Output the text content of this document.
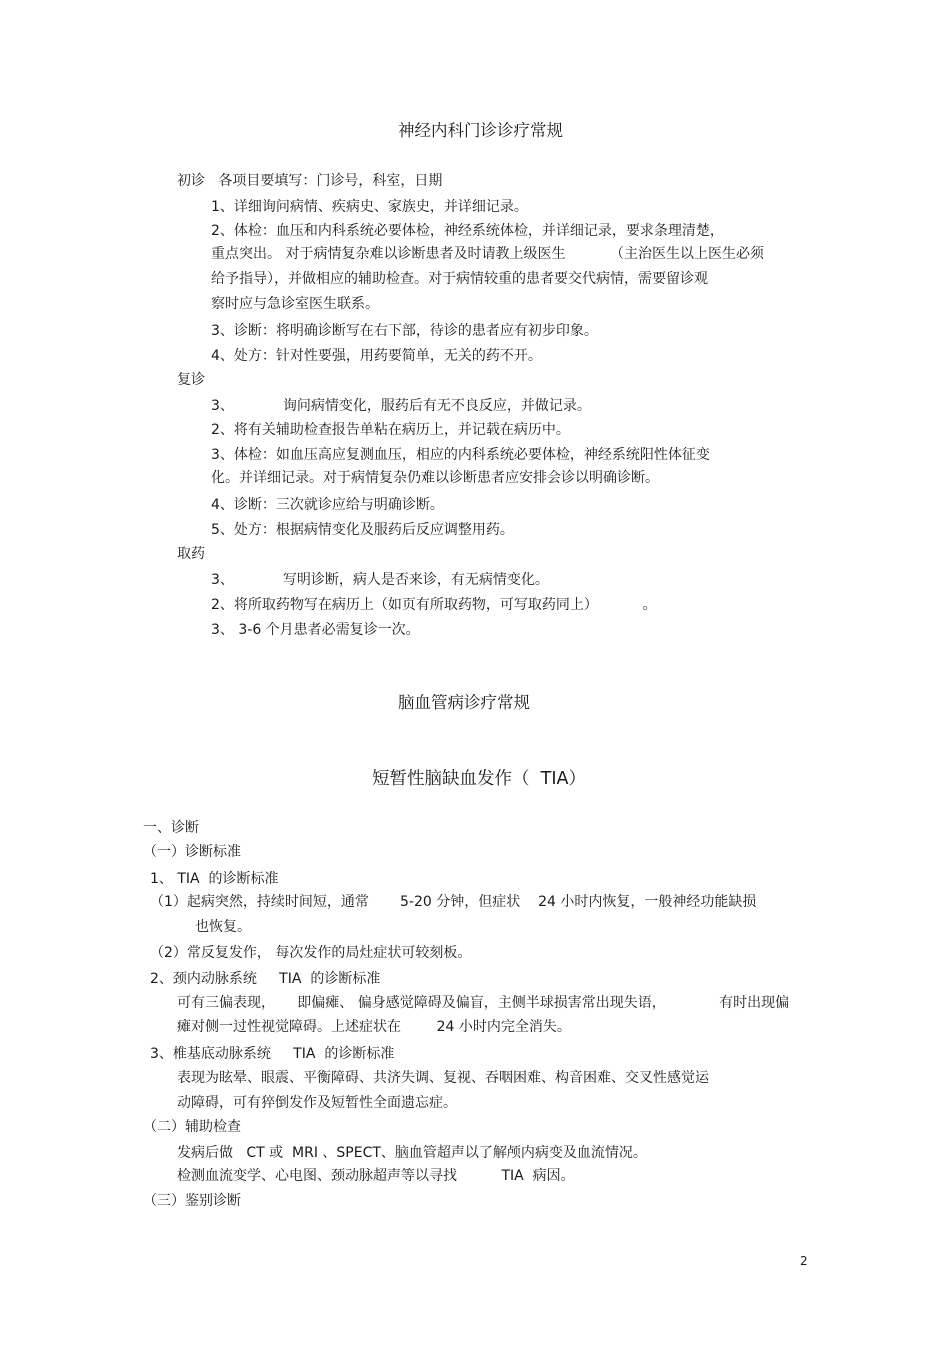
神经内科门诊诊疗常规
初诊   各项目要填写：门诊号，科室，日期
1、详细询问病情、疾病史、家族史，并详细记录。
2、体检：血压和内科系统必要体检，神经系统体检，并详细记录，要求条理清楚，
重点突出。 对于病情复杂难以诊断患者及时请教上级医生          （主治医生以上医生必须
给予指导），并做相应的辅助检查。对于病情较重的患者要交代病情，需要留诊观
察时应与急诊室医生联系。
3、诊断：将明确诊断写在右下部，待诊的患者应有初步印象。
4、处方：针对性要强，用药要简单，无关的药不开。
复诊
3、           询问病情变化，服药后有无不良反应，并做记录。
2、将有关辅助检查报告单粘在病历上，并记载在病历中。
3、体检：如血压高应复测血压，相应的内科系统必要体检，神经系统阳性体征变
化。并详细记录。对于病情复杂仍难以诊断患者应安排会诊以明确诊断。
4、诊断：三次就诊应给与明确诊断。
5、处方：根据病情变化及服药后反应调整用药。
取药
3、           写明诊断，病人是否来诊，有无病情变化。
2、将所取药物写在病历上（如页有所取药物，可写取药同上）          。
3、 3-6 个月患者必需复诊一次。
脑血管病诊疗常规
短暂性脑缺血发作（  TIA）
一、诊断
（一）诊断标准
1、 TIA  的诊断标准
（1）起病突然，持续时间短，通常       5-20 分钟，但症状    24 小时内恢复，一般神经功能缺损
也恢复。
（2）常反复发作， 每次发作的局灶症状可较刻板。
2、颈内动脉系统     TIA  的诊断标准
可有三偏表现，     即偏瘫、 偏身感觉障碍及偏盲，主侧半球损害常出现失语，            有时出现偏
瘫对侧一过性视觉障碍。上述症状在        24 小时内完全消失。
3、椎基底动脉系统     TIA  的诊断标准
表现为眩晕、眼震、平衡障碍、共济失调、复视、吞咽困难、构音困难、交叉性感觉运
动障碍，可有猝倒发作及短暂性全面遗忘症。
（二）辅助检查
发病后做   CT 或  MRI 、SPECT、脑血管超声以了解颅内病变及血流情况。
检测血流变学、心电图、颈动脉超声等以寻找          TIA  病因。
（三）鉴别诊断
2
